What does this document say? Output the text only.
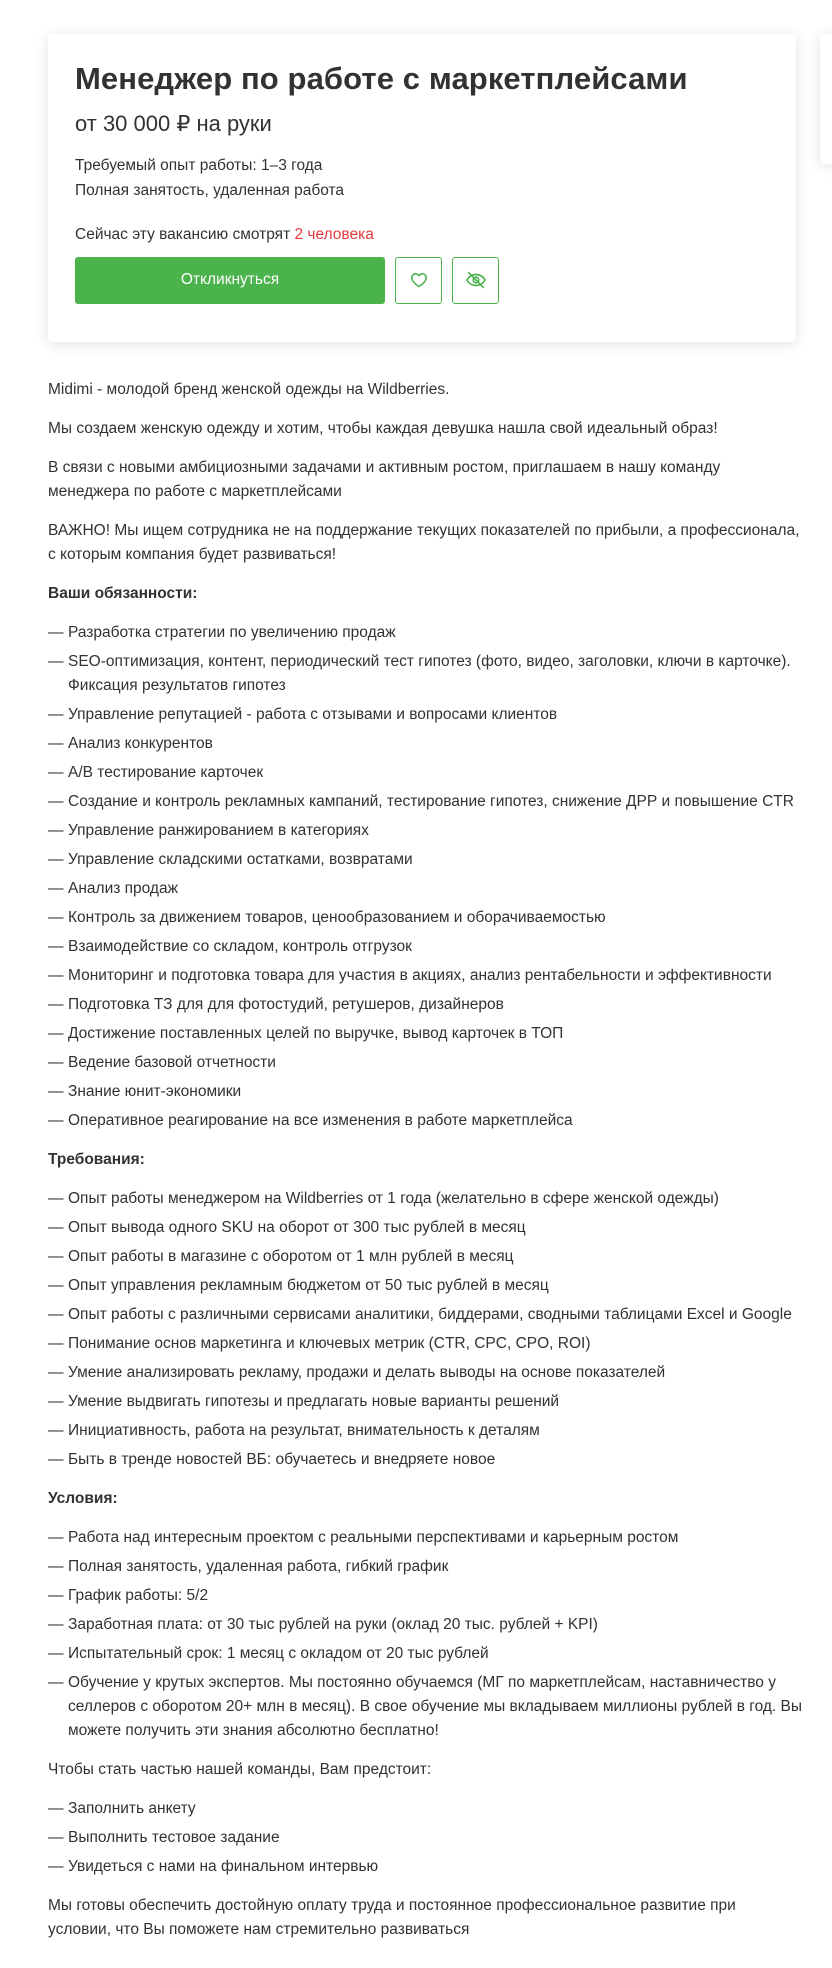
Менеджер по работе с маркетплейсами
от 30 000 ₽ на руки
Требуемый опыт работы: 1–3 года
Полная занятость, удаленная работа
Сейчас эту вакансию смотрят 2 человека
Откликнуться

Midimi - молодой бренд женской одежды на Wildberries.

Мы создаем женскую одежду и хотим, чтобы каждая девушка нашла свой идеальный образ!

В связи с новыми амбициозными задачами и активным ростом, приглашаем в нашу команду менеджера по работе с маркетплейсами

ВАЖНО! Мы ищем сотрудника не на поддержание текущих показателей по прибыли, а профессионала, с которым компания будет развиваться!

Ваши обязанности:
— Разработка стратегии по увеличению продаж
— SEO-оптимизация, контент, периодический тест гипотез (фото, видео, заголовки, ключи в карточке). Фиксация результатов гипотез
— Управление репутацией - работа с отзывами и вопросами клиентов
— Анализ конкурентов
— A/B тестирование карточек
— Создание и контроль рекламных кампаний, тестирование гипотез, снижение ДРР и повышение CTR
— Управление ранжированием в категориях
— Управление складскими остатками, возвратами
— Анализ продаж
— Контроль за движением товаров, ценообразованием и оборачиваемостью
— Взаимодействие со складом, контроль отгрузок
— Мониторинг и подготовка товара для участия в акциях, анализ рентабельности и эффективности
— Подготовка ТЗ для для фотостудий, ретушеров, дизайнеров
— Достижение поставленных целей по выручке, вывод карточек в ТОП
— Ведение базовой отчетности
— Знание юнит-экономики
— Оперативное реагирование на все изменения в работе маркетплейса
Требования:
— Опыт работы менеджером на Wildberries от 1 года (желательно в сфере женской одежды)
— Опыт вывода одного SKU на оборот от 300 тыс рублей в месяц
— Опыт работы в магазине с оборотом от 1 млн рублей в месяц
— Опыт управления рекламным бюджетом от 50 тыс рублей в месяц
— Опыт работы с различными сервисами аналитики, биддерами, сводными таблицами Excel и Google
— Понимание основ маркетинга и ключевых метрик (CTR, CPC, CPO, ROI)
— Умение анализировать рекламу, продажи и делать выводы на основе показателей
— Умение выдвигать гипотезы и предлагать новые варианты решений
— Инициативность, работа на результат, внимательность к деталям
— Быть в тренде новостей ВБ: обучаетесь и внедряете новое
Условия:
— Работа над интересным проектом с реальными перспективами и карьерным ростом
— Полная занятость, удаленная работа, гибкий график
— График работы: 5/2
— Заработная плата: от 30 тыс рублей на руки (оклад 20 тыс. рублей + KPI)
— Испытательный срок: 1 месяц с окладом от 20 тыс рублей
— Обучение у крутых экспертов. Мы постоянно обучаемся (МГ по маркетплейсам, наставничество у селлеров с оборотом 20+ млн в месяц). В свое обучение мы вкладываем миллионы рублей в год. Вы можете получить эти знания абсолютно бесплатно!

Чтобы стать частью нашей команды, Вам предстоит:

— Заполнить анкету
— Выполнить тестовое задание
— Увидеться с нами на финальном интервью

Мы готовы обеспечить достойную оплату труда и постоянное профессиональное развитие при условии, что Вы поможете нам стремительно развиваться
